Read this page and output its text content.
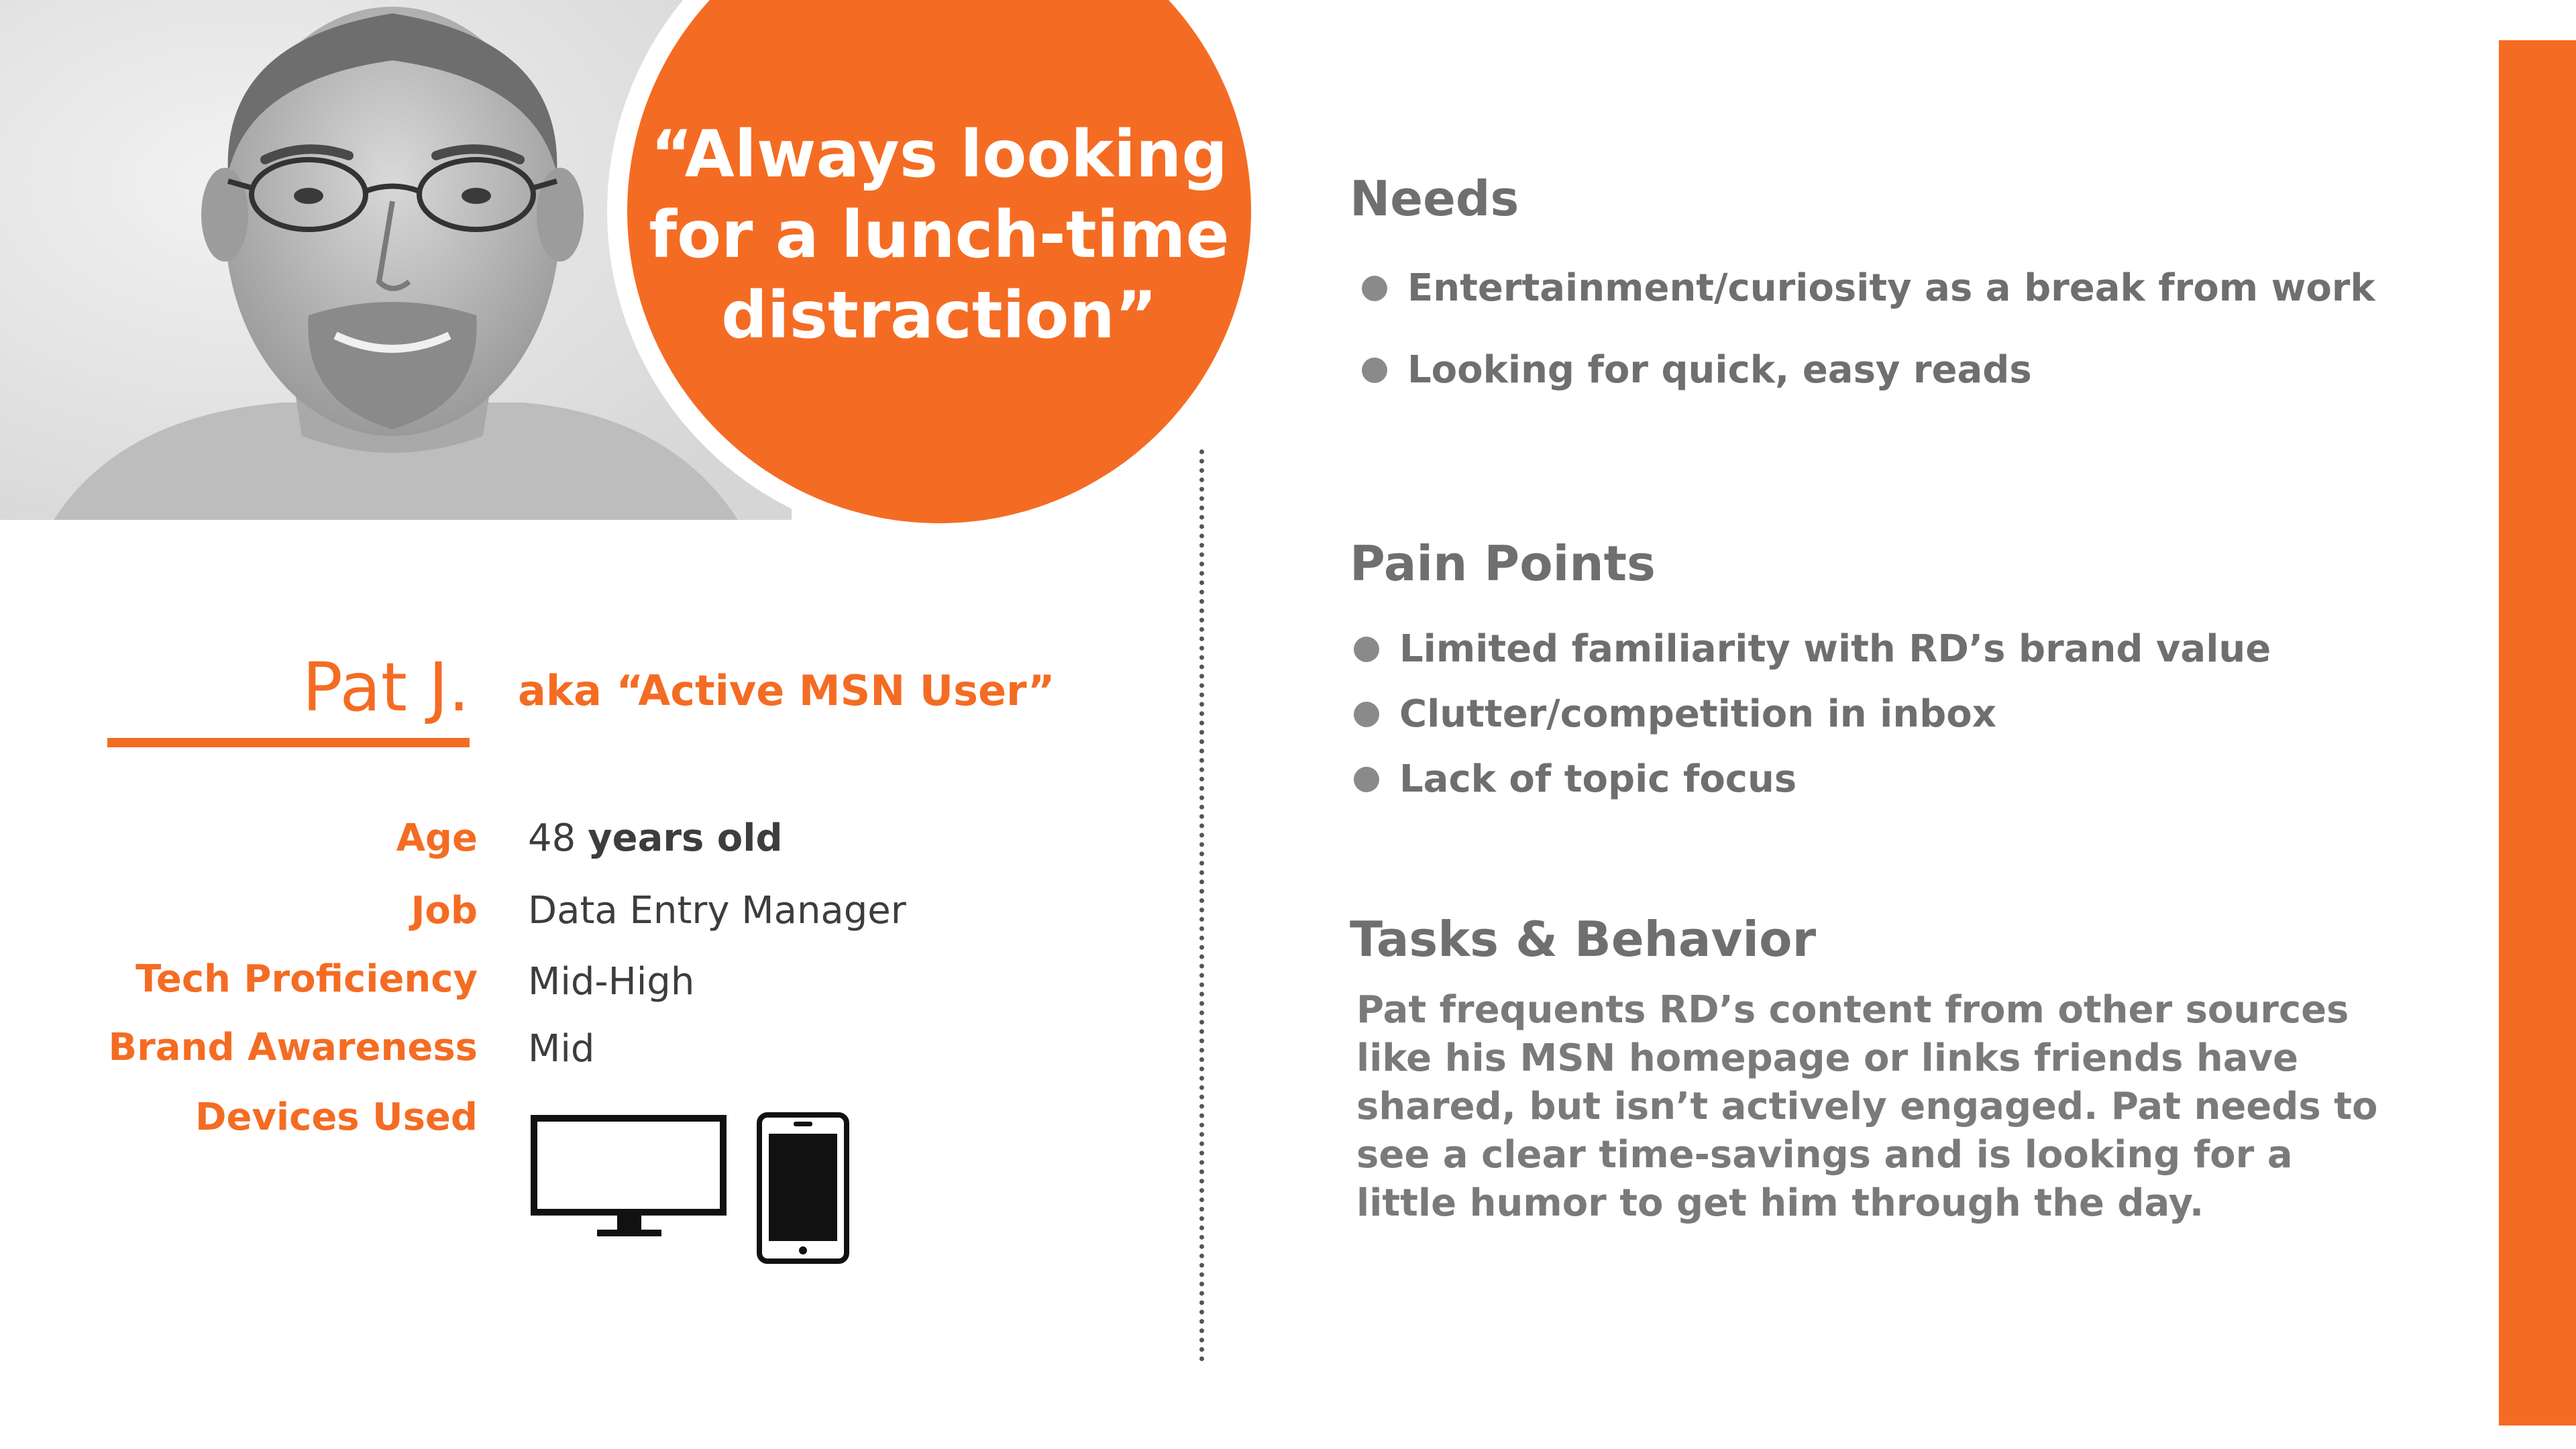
“Always looking for a lunch-time distraction”

Pat J. aka “Active MSN User”

Age 48 years old
Job Data Entry Manager
Tech Proficiency Mid-High
Brand Awareness Mid
Devices Used

Needs

Entertainment/curiosity as a break from work
Looking for quick, easy reads

Pain Points

Limited familiarity with RD’s brand value
Clutter/competition in inbox
Lack of topic focus

Tasks & Behavior

Pat frequents RD’s content from other sources like his MSN homepage or links friends have shared, but isn’t actively engaged. Pat needs to see a clear time-savings and is looking for a little humor to get him through the day.
